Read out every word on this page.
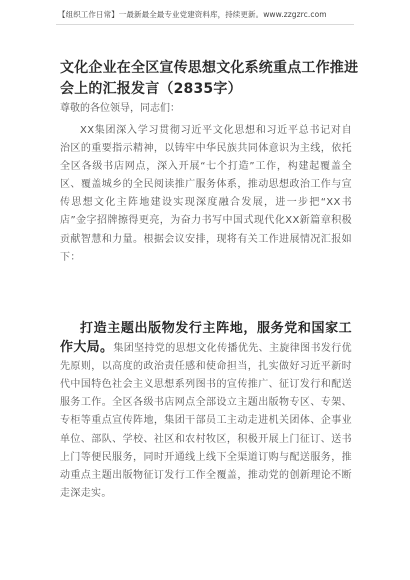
【组织工作日常】一最新最全最专业党建资料库，持续更新。www.zzgzrc.com
文化企业在全区宣传思想文化系统重点工作推进会上的汇报发言（2835字）
尊敬的各位领导，同志们：
XX集团深入学习贯彻习近平文化思想和习近平总书记对自治区的重要指示精神，以铸牢中华民族共同体意识为主线，依托全区各级书店网点，深入开展“七个打造”工作，构建起覆盖全区、覆盖城乡的全民阅读推广服务体系，推动思想政治工作与宣传思想文化主阵地建设实现深度融合发展，进一步把“XX书店”金字招牌擦得更亮，为奋力书写中国式现代化XX新篇章积极贡献智慧和力量。根据会议安排，现将有关工作进展情况汇报如下：
打造主题出版物发行主阵地，服务党和国家工作大局。集团坚持党的思想文化传播优先、主旋律图书发行优先原则，以高度的政治责任感和使命担当，扎实做好习近平新时代中国特色社会主义思想系列图书的宣传推广、征订发行和配送服务工作。全区各级书店网点全部设立主题出版物专区、专架、专柜等重点宣传阵地，集团干部员工主动走进机关团体、企事业单位、部队、学校、社区和农村牧区，积极开展上门征订、送书上门等便民服务，同时开通线上线下全渠道订购与配送服务，推动重点主题出版物征订发行工作全覆盖，推动党的创新理论不断走深走实。
